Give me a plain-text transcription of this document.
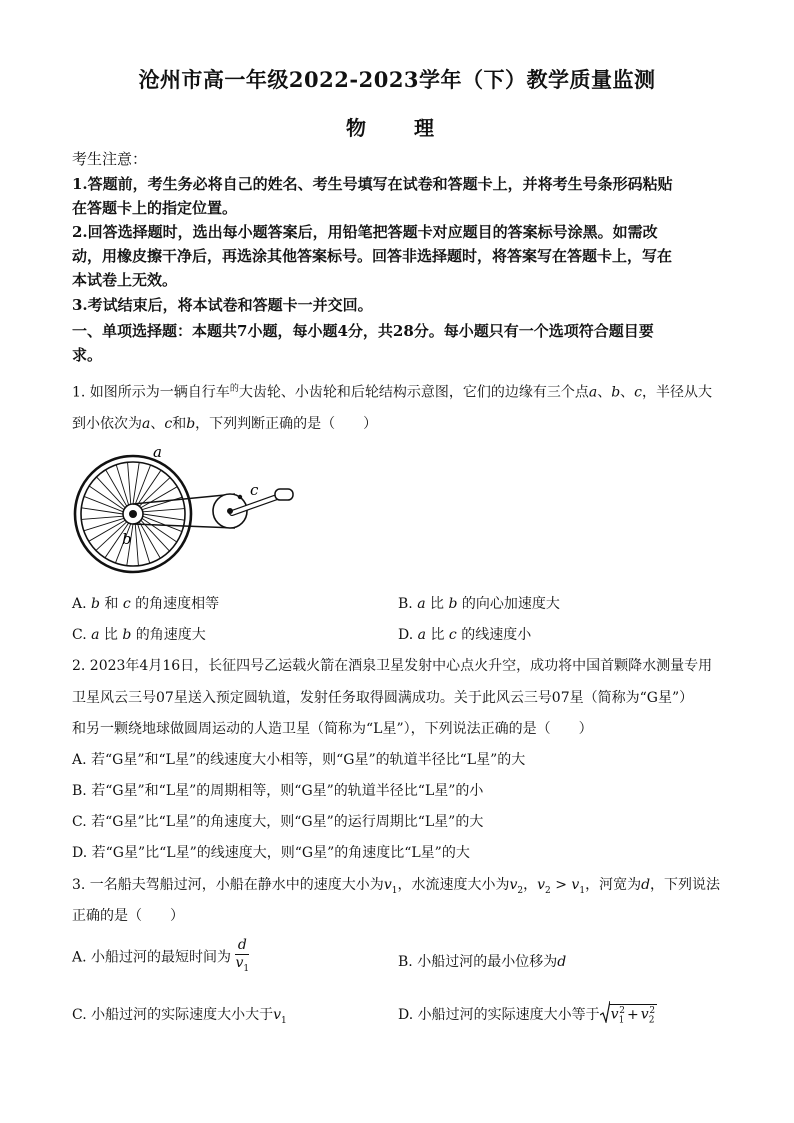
沧州市高一年级2022-2023学年（下）教学质量监测
物　理
考生注意：
1.答题前，考生务必将自己的姓名、考生号填写在试卷和答题卡上，并将考生号条形码粘贴
在答题卡上的指定位置。
2.回答选择题时，选出每小题答案后，用铅笔把答题卡对应题目的答案标号涂黑。如需改
动，用橡皮擦干净后，再选涂其他答案标号。回答非选择题时，将答案写在答题卡上，写在
本试卷上无效。
3.考试结束后，将本试卷和答题卡一并交回。
一、单项选择题：本题共7小题，每小题4分，共28分。每小题只有一个选项符合题目要
求。
1. 如图所示为一辆自行车$^的$大齿轮、小齿轮和后轮结构示意图，它们的边缘有三个点a、b、c，半径从大
到小依次为a、c和b，下列判断正确的是（　　）
a
b
c
A. b 和 c 的角速度相等	B. a 比 b 的向心加速度大
C. a 比 b 的角速度大	D. a 比 c 的线速度小
2. 2023年4月16日，长征四号乙运载火箭在酒泉卫星发射中心点火升空，成功将中国首颗降水测量专用
卫星风云三号07星送入预定圆轨道，发射任务取得圆满成功。关于此风云三号07星（简称为“G星”）
和另一颗绕地球做圆周运动的人造卫星（简称为“L星”），下列说法正确的是（　　）
A. 若“G星”和“L星”的线速度大小相等，则“G星”的轨道半径比“L星”的大
B. 若“G星”和“L星”的周期相等，则“G星”的轨道半径比“L星”的小
C. 若“G星”比“L星”的角速度大，则“G星”的运行周期比“L星”的大
D. 若“G星”比“L星”的线速度大，则“G星”的角速度比“L星”的大
3. 一名船夫驾船过河，小船在静水中的速度大小为$v_1$，水流速度大小为$v_2$，$v_2 > v_1$，河宽为d，下列说法
正确的是（　　）
A. 小船过河的最短时间为 $\frac{d}{v_1}$	B. 小船过河的最小位移为d
C. 小船过河的实际速度大小大于$v_1$	D. 小船过河的实际速度大小等于 $v_1^2 + v_2^2$
